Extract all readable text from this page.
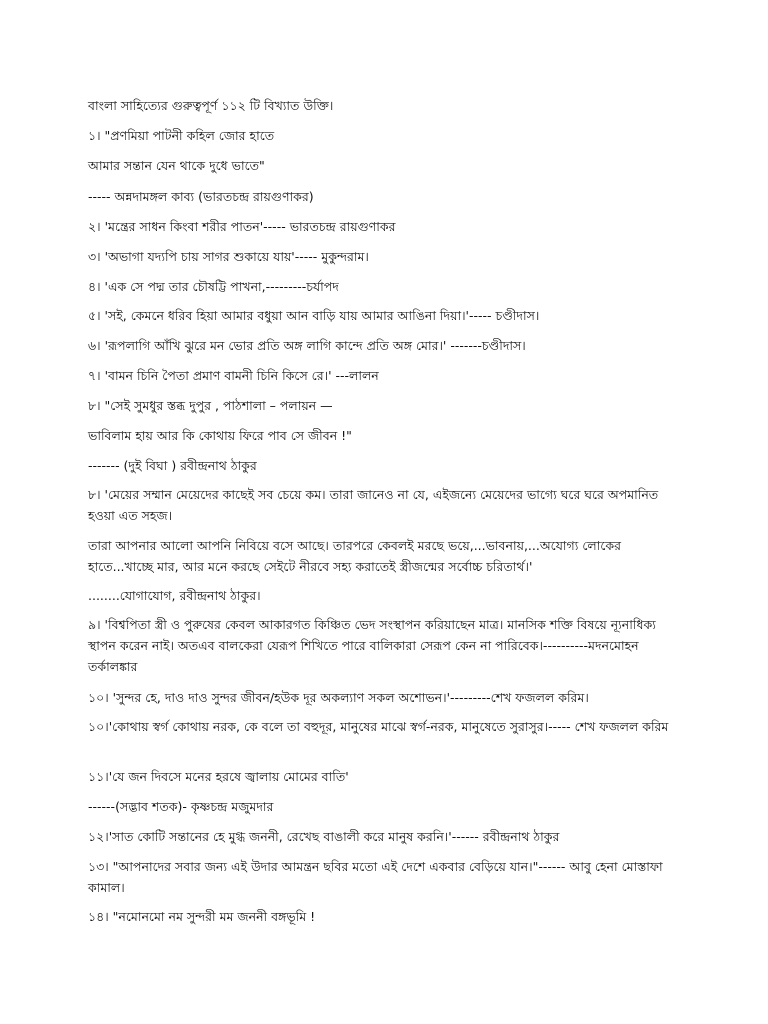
বাংলা সাহিত্যের গুরুত্বপূর্ণ ১১২ টি বিখ্যাত উক্তি।
১। "প্রণমিয়া পাটনী কহিল জোর হাতে
আমার সন্তান যেন থাকে দুধে ভাতে"
----- অন্নদামঙ্গল কাব্য (ভারতচন্দ্র রায়গুণাকর)
২। 'মন্ত্রের সাধন কিংবা শরীর পাতন'----- ভারতচন্দ্র রায়গুণাকর
৩। 'অভাগা যদ্যপি চায় সাগর শুকায়ে যায়'----- মুকুন্দরাম।
৪। 'এক সে পদ্ম তার চৌষট্টি পাখনা,---------চর্যাপদ
৫। 'সই, কেমনে ধরিব হিয়া আমার বধুয়া আন বাড়ি যায় আমার আঙিনা দিয়া।'----- চণ্ডীদাস।
৬। 'রূপলাগি আঁখি ঝুরে মন ভোর প্রতি অঙ্গ লাগি কান্দে প্রতি অঙ্গ মোর।' -------চণ্ডীদাস।
৭। 'বামন চিনি পৈতা প্রমাণ বামনী চিনি কিসে রে।' ---লালন
৮। "সেই সুমধুর স্তব্ধ দুপুর , পাঠশালা – পলায়ন —
ভাবিলাম হায় আর কি কোথায় ফিরে পাব সে জীবন !"
------- (দুই বিঘা ) রবীন্দ্রনাথ ঠাকুর
৮। 'মেয়ের সম্মান মেয়েদের কাছেই সব চেয়ে কম। তারা জানেও না যে, এইজন্যে মেয়েদের ভাগ্যে ঘরে ঘরে অপমানিত হওয়া এত সহজ।
তারা আপনার আলো আপনি নিবিয়ে বসে আছে। তারপরে কেবলই মরছে ভয়ে,...ভাবনায়,...অযোগ্য লোকের হাতে...খাচ্ছে মার, আর মনে করছে সেইটে নীরবে সহ্য করাতেই স্ত্রীজন্মের সর্বোচ্চ চরিতার্থ।'
........যোগাযোগ, রবীন্দ্রনাথ ঠাকুর।
৯। 'বিশ্বপিতা স্ত্রী ও পুরুষের কেবল আকারগত কিঞ্চিত ভেদ সংস্থাপন করিয়াছেন মাত্র। মানসিক শক্তি বিষয়ে ন্যূনাধিক্য স্থাপন করেন নাই। অতএব বালকেরা যেরূপ শিখিতে পারে বালিকারা সেরূপ কেন না পারিবেক।----------মদনমোহন তর্কালঙ্কার
১০। 'সুন্দর হে, দাও দাও সুন্দর জীবন/হউক দূর অকল্যাণ সকল অশোভন।'---------শেখ ফজলল করিম।
১০।'কোথায় স্বর্গ কোথায় নরক, কে বলে তা বহুদূর, মানুষের মাঝে স্বর্গ-নরক, মানুষেতে সুরাসুর।----- শেখ ফজলল করিম
১১।'যে জন দিবসে মনের হরষে জ্বালায় মোমের বাতি'
------(সদ্ভাব শতক)- কৃষ্ণচন্দ্র মজুমদার
১২।'সাত কোটি সন্তানের হে মুগ্ধ জননী, রেখেছ বাঙালী করে মানুষ করনি।'------ রবীন্দ্রনাথ ঠাকুর
১৩। "আপনাদের সবার জন্য এই উদার আমন্ত্রন ছবির মতো এই দেশে একবার বেড়িয়ে যান।"------ আবু হেনা মোস্তাফা কামাল।
১৪। "নমোনমো নম সুন্দরী মম জননী বঙ্গভূমি !
